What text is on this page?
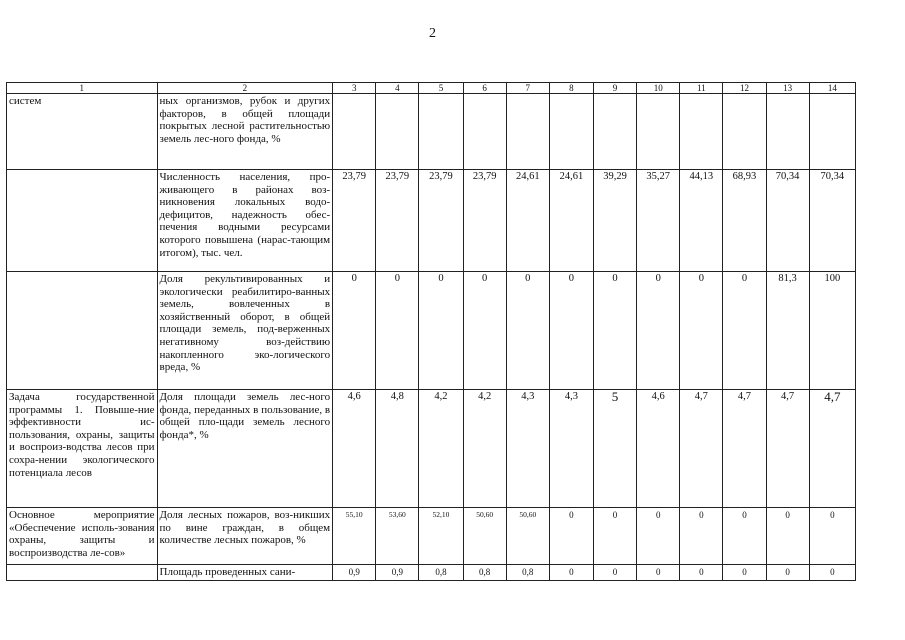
2
1	2	3	4	5	6	7	8	9	10	11	12	13	14
систем	ных организмов, рубок и других факторов, в общей площади покрытых лесной растительностью земель лес-ного фонда, %												
	Численность населения, про-живающего в районах воз-никновения локальных водо-дефицитов, надежность обес-печения водными ресурсами которого повышена (нараc-тающим итогом), тыс. чел.	23,79	23,79	23,79	23,79	24,61	24,61	39,29	35,27	44,13	68,93	70,34	70,34
	Доля рекультивированных и экологически реабилитиро-ванных земель, вовлеченных в хозяйственный оборот, в общей площади земель, под-верженных негативному воз-действию накопленного эко-логического вреда, %	0	0	0	0	0	0	0	0	0	0	81,3	100
Задача государственной программы 1. Повыше-ние эффективности ис-пользования, охраны, защиты и воспроиз-водства лесов при сохра-нении экологического потенциала лесов	Доля площади земель лес-ного фонда, переданных в пользование, в общей пло-щади земель лесного фонда*, %	4,6	4,8	4,2	4,2	4,3	4,3	5	4,6	4,7	4,7	4,7	4,7
Основное мероприятие «Обеспечение исполь-зования охраны, защиты и воспроизводства ле-сов»	Доля лесных пожаров, воз-никших по вине граждан, в общем количестве лесных пожаров, %	55,10	53,60	52,10	50,60	50,60	0	0	0	0	0	0	0
	Площадь проведенных сани-	0,9	0,9	0,8	0,8	0,8	0	0	0	0	0	0	0
